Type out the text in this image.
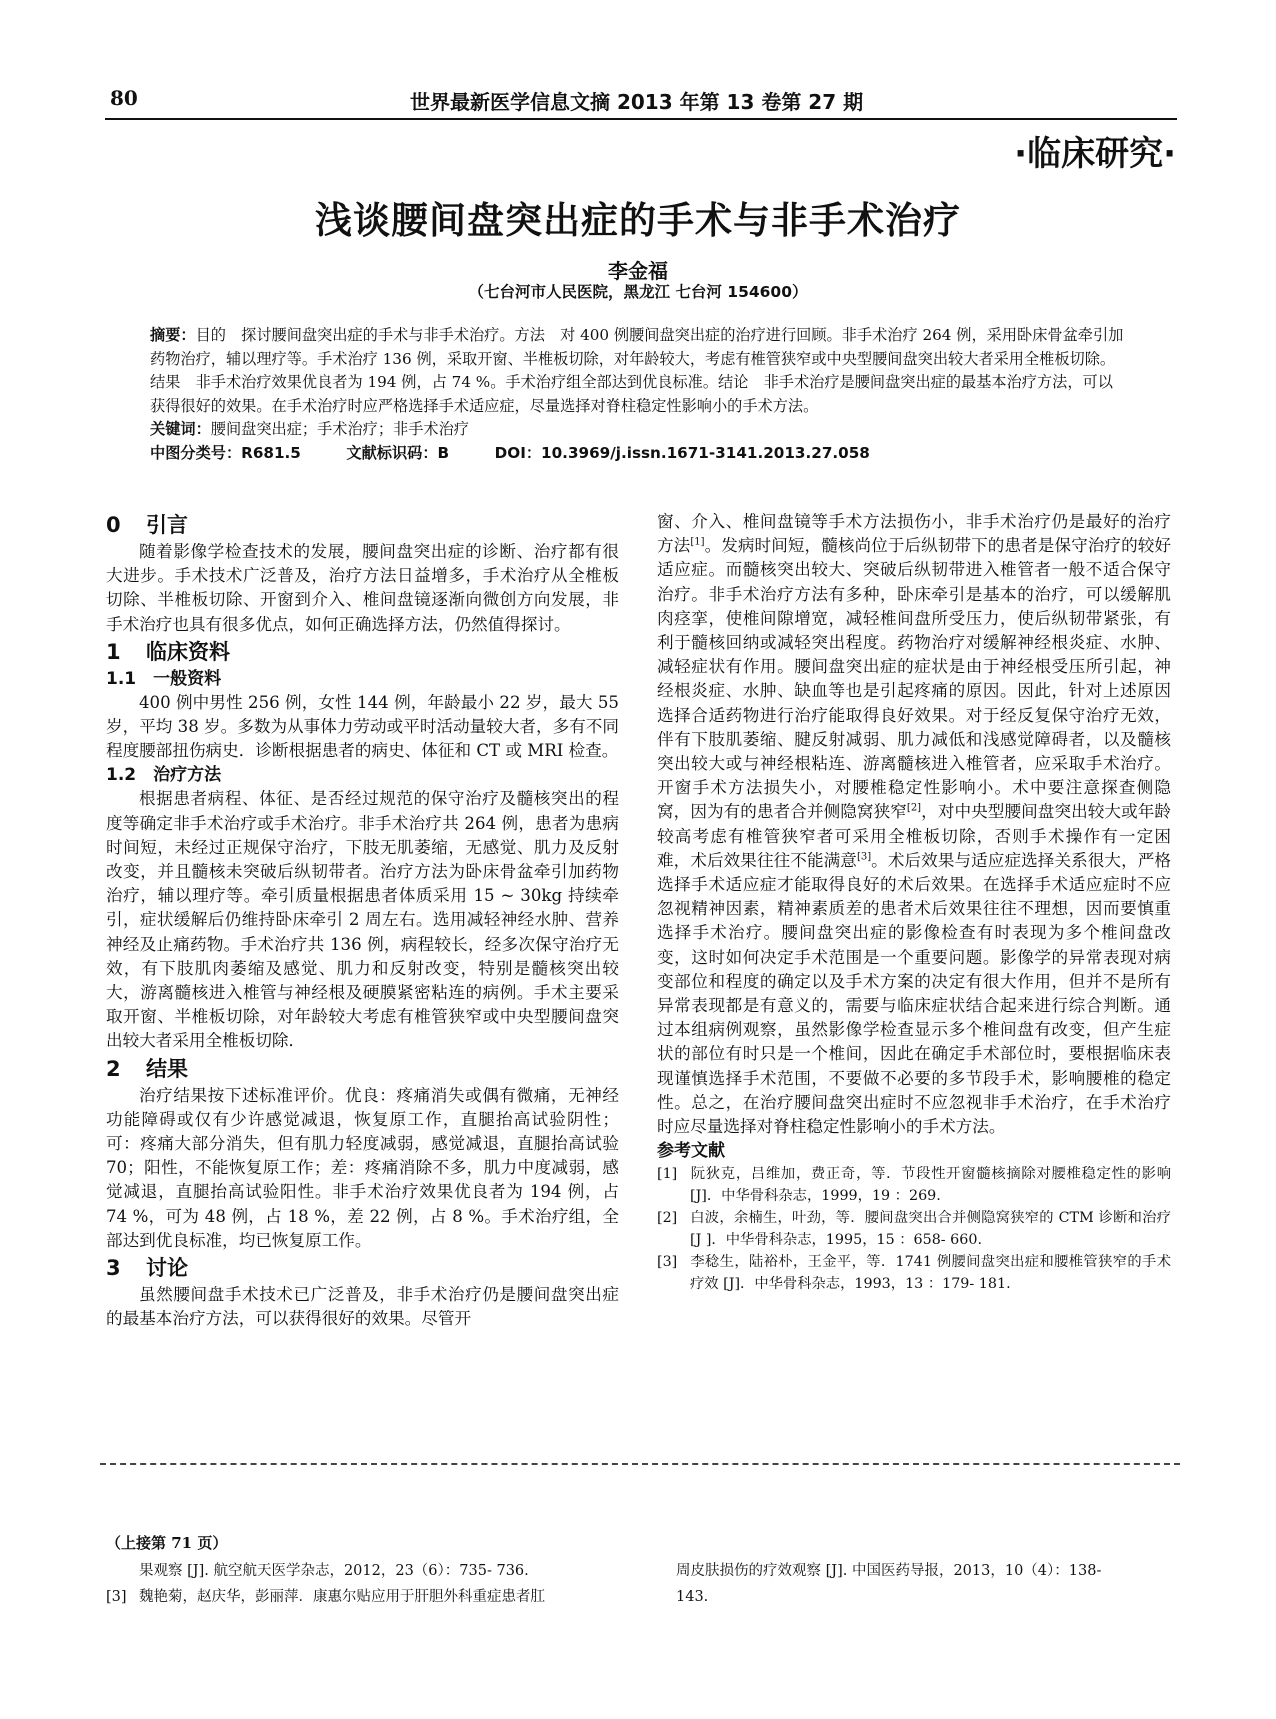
80	世界最新医学信息文摘 2013 年第 13 卷第 27 期
·临床研究·
浅谈腰间盘突出症的手术与非手术治疗
李金福
（七台河市人民医院，黑龙江 七台河 154600）

摘要：目的　探讨腰间盘突出症的手术与非手术治疗。方法　对 400 例腰间盘突出症的治疗进行回顾。非手术治疗 264 例，采用卧床骨盆牵引加药物治疗，辅以理疗等。手术治疗 136 例，采取开窗、半椎板切除，对年龄较大，考虑有椎管狭窄或中央型腰间盘突出较大者采用全椎板切除。结果　非手术治疗效果优良者为 194 例，占 74 %。手术治疗组全部达到优良标准。结论　非手术治疗是腰间盘突出症的最基本治疗方法，可以获得很好的效果。在手术治疗时应严格选择手术适应症，尽量选择对脊柱稳定性影响小的手术方法。

关键词：腰间盘突出症；手术治疗；非手术治疗

中图分类号：R681.5　　　文献标识码：B　　　DOI：10.3969/j.issn.1671-3141.2013.27.058

0 引言

随着影像学检查技术的发展，腰间盘突出症的诊断、治疗都有很大进步。手术技术广泛普及，治疗方法日益增多，手术治疗从全椎板切除、半椎板切除、开窗到介入、椎间盘镜逐渐向微创方向发展，非手术治疗也具有很多优点，如何正确选择方法，仍然值得探讨。

1 临床资料

1.1　一般资料

400 例中男性 256 例，女性 144 例，年龄最小 22 岁，最大 55 岁，平均 38 岁。多数为从事体力劳动或平时活动量较大者，多有不同程度腰部扭伤病史．诊断根据患者的病史、体征和 CT 或 MRI 检查。

1.2　治疗方法

根据患者病程、体征、是否经过规范的保守治疗及髓核突出的程度等确定非手术治疗或手术治疗。非手术治疗共 264 例，患者为患病时间短，未经过正规保守治疗，下肢无肌萎缩，无感觉、肌力及反射改变，并且髓核未突破后纵韧带者。治疗方法为卧床骨盆牵引加药物治疗，辅以理疗等。牵引质量根据患者体质采用 15 ~ 30kg 持续牵引，症状缓解后仍维持卧床牵引 2 周左右。选用减轻神经水肿、营养神经及止痛药物。手术治疗共 136 例，病程较长，经多次保守治疗无效，有下肢肌肉萎缩及感觉、肌力和反射改变，特别是髓核突出较大，游离髓核进入椎管与神经根及硬膜紧密粘连的病例。手术主要采取开窗、半椎板切除，对年龄较大考虑有椎管狭窄或中央型腰间盘突出较大者采用全椎板切除．

2 结果

治疗结果按下述标准评价。优良：疼痛消失或偶有微痛，无神经功能障碍或仅有少许感觉减退，恢复原工作，直腿抬高试验阴性；可：疼痛大部分消失，但有肌力轻度减弱，感觉减退，直腿抬高试验 70；阳性，不能恢复原工作；差：疼痛消除不多，肌力中度减弱，感觉减退，直腿抬高试验阳性。非手术治疗效果优良者为 194 例，占 74 %，可为 48 例，占 18 %，差 22 例，占 8 %。手术治疗组，全部达到优良标准，均已恢复原工作。

3 讨论

虽然腰间盘手术技术已广泛普及，非手术治疗仍是腰间盘突出症的最基本治疗方法，可以获得很好的效果。尽管开

窗、介入、椎间盘镜等手术方法损伤小，非手术治疗仍是最好的治疗方法[1]。发病时间短，髓核尚位于后纵韧带下的患者是保守治疗的较好适应症。而髓核突出较大、突破后纵韧带进入椎管者一般不适合保守治疗。非手术治疗方法有多种，卧床牵引是基本的治疗，可以缓解肌肉痉挛，使椎间隙增宽，减轻椎间盘所受压力，使后纵韧带紧张，有利于髓核回纳或减轻突出程度。药物治疗对缓解神经根炎症、水肿、减轻症状有作用。腰间盘突出症的症状是由于神经根受压所引起，神经根炎症、水肿、缺血等也是引起疼痛的原因。因此，针对上述原因选择合适药物进行治疗能取得良好效果。对于经反复保守治疗无效，伴有下肢肌萎缩、腱反射减弱、肌力减低和浅感觉障碍者，以及髓核突出较大或与神经根粘连、游离髓核进入椎管者，应采取手术治疗。开窗手术方法损失小，对腰椎稳定性影响小。术中要注意探查侧隐窝，因为有的患者合并侧隐窝狭窄[2]，对中央型腰间盘突出较大或年龄较高考虑有椎管狭窄者可采用全椎板切除，否则手术操作有一定困难，术后效果往往不能满意[3]。术后效果与适应症选择关系很大，严格选择手术适应症才能取得良好的术后效果。在选择手术适应症时不应忽视精神因素，精神素质差的患者术后效果往往不理想，因而要慎重选择手术治疗。腰间盘突出症的影像检查有时表现为多个椎间盘改变，这时如何决定手术范围是一个重要问题。影像学的异常表现对病变部位和程度的确定以及手术方案的决定有很大作用，但并不是所有异常表现都是有意义的，需要与临床症状结合起来进行综合判断。通过本组病例观察，虽然影像学检查显示多个椎间盘有改变，但产生症状的部位有时只是一个椎间，因此在确定手术部位时，要根据临床表现谨慎选择手术范围，不要做不必要的多节段手术，影响腰椎的稳定性。总之，在治疗腰间盘突出症时不应忽视非手术治疗，在手术治疗时应尽量选择对脊柱稳定性影响小的手术方法。

参考文献

[1] 阮狄克，吕维加，费正奇，等．节段性开窗髓核摘除对腰椎稳定性的影响 [J]．中华骨科杂志，1999，19 ：269.

[2] 白波，余楠生，叶劲，等．腰间盘突出合并侧隐窝狭窄的 CTM 诊断和治疗 [J ]．中华骨科杂志，1995，15 ：658- 660.

[3] 李稔生，陆裕朴，王金平，等．1741 例腰间盘突出症和腰椎管狭窄的手术疗效 [J]．中华骨科杂志，1993，13 ：179- 181.

（上接第 71 页）

果观察 [J]. 航空航天医学杂志，2012，23（6）：735- 736.

[3] 魏艳菊，赵庆华，彭丽萍．康惠尔贴应用于肝胆外科重症患者肛

周皮肤损伤的疗效观察 [J]. 中国医药导报，2013，10（4）：138-

143.
